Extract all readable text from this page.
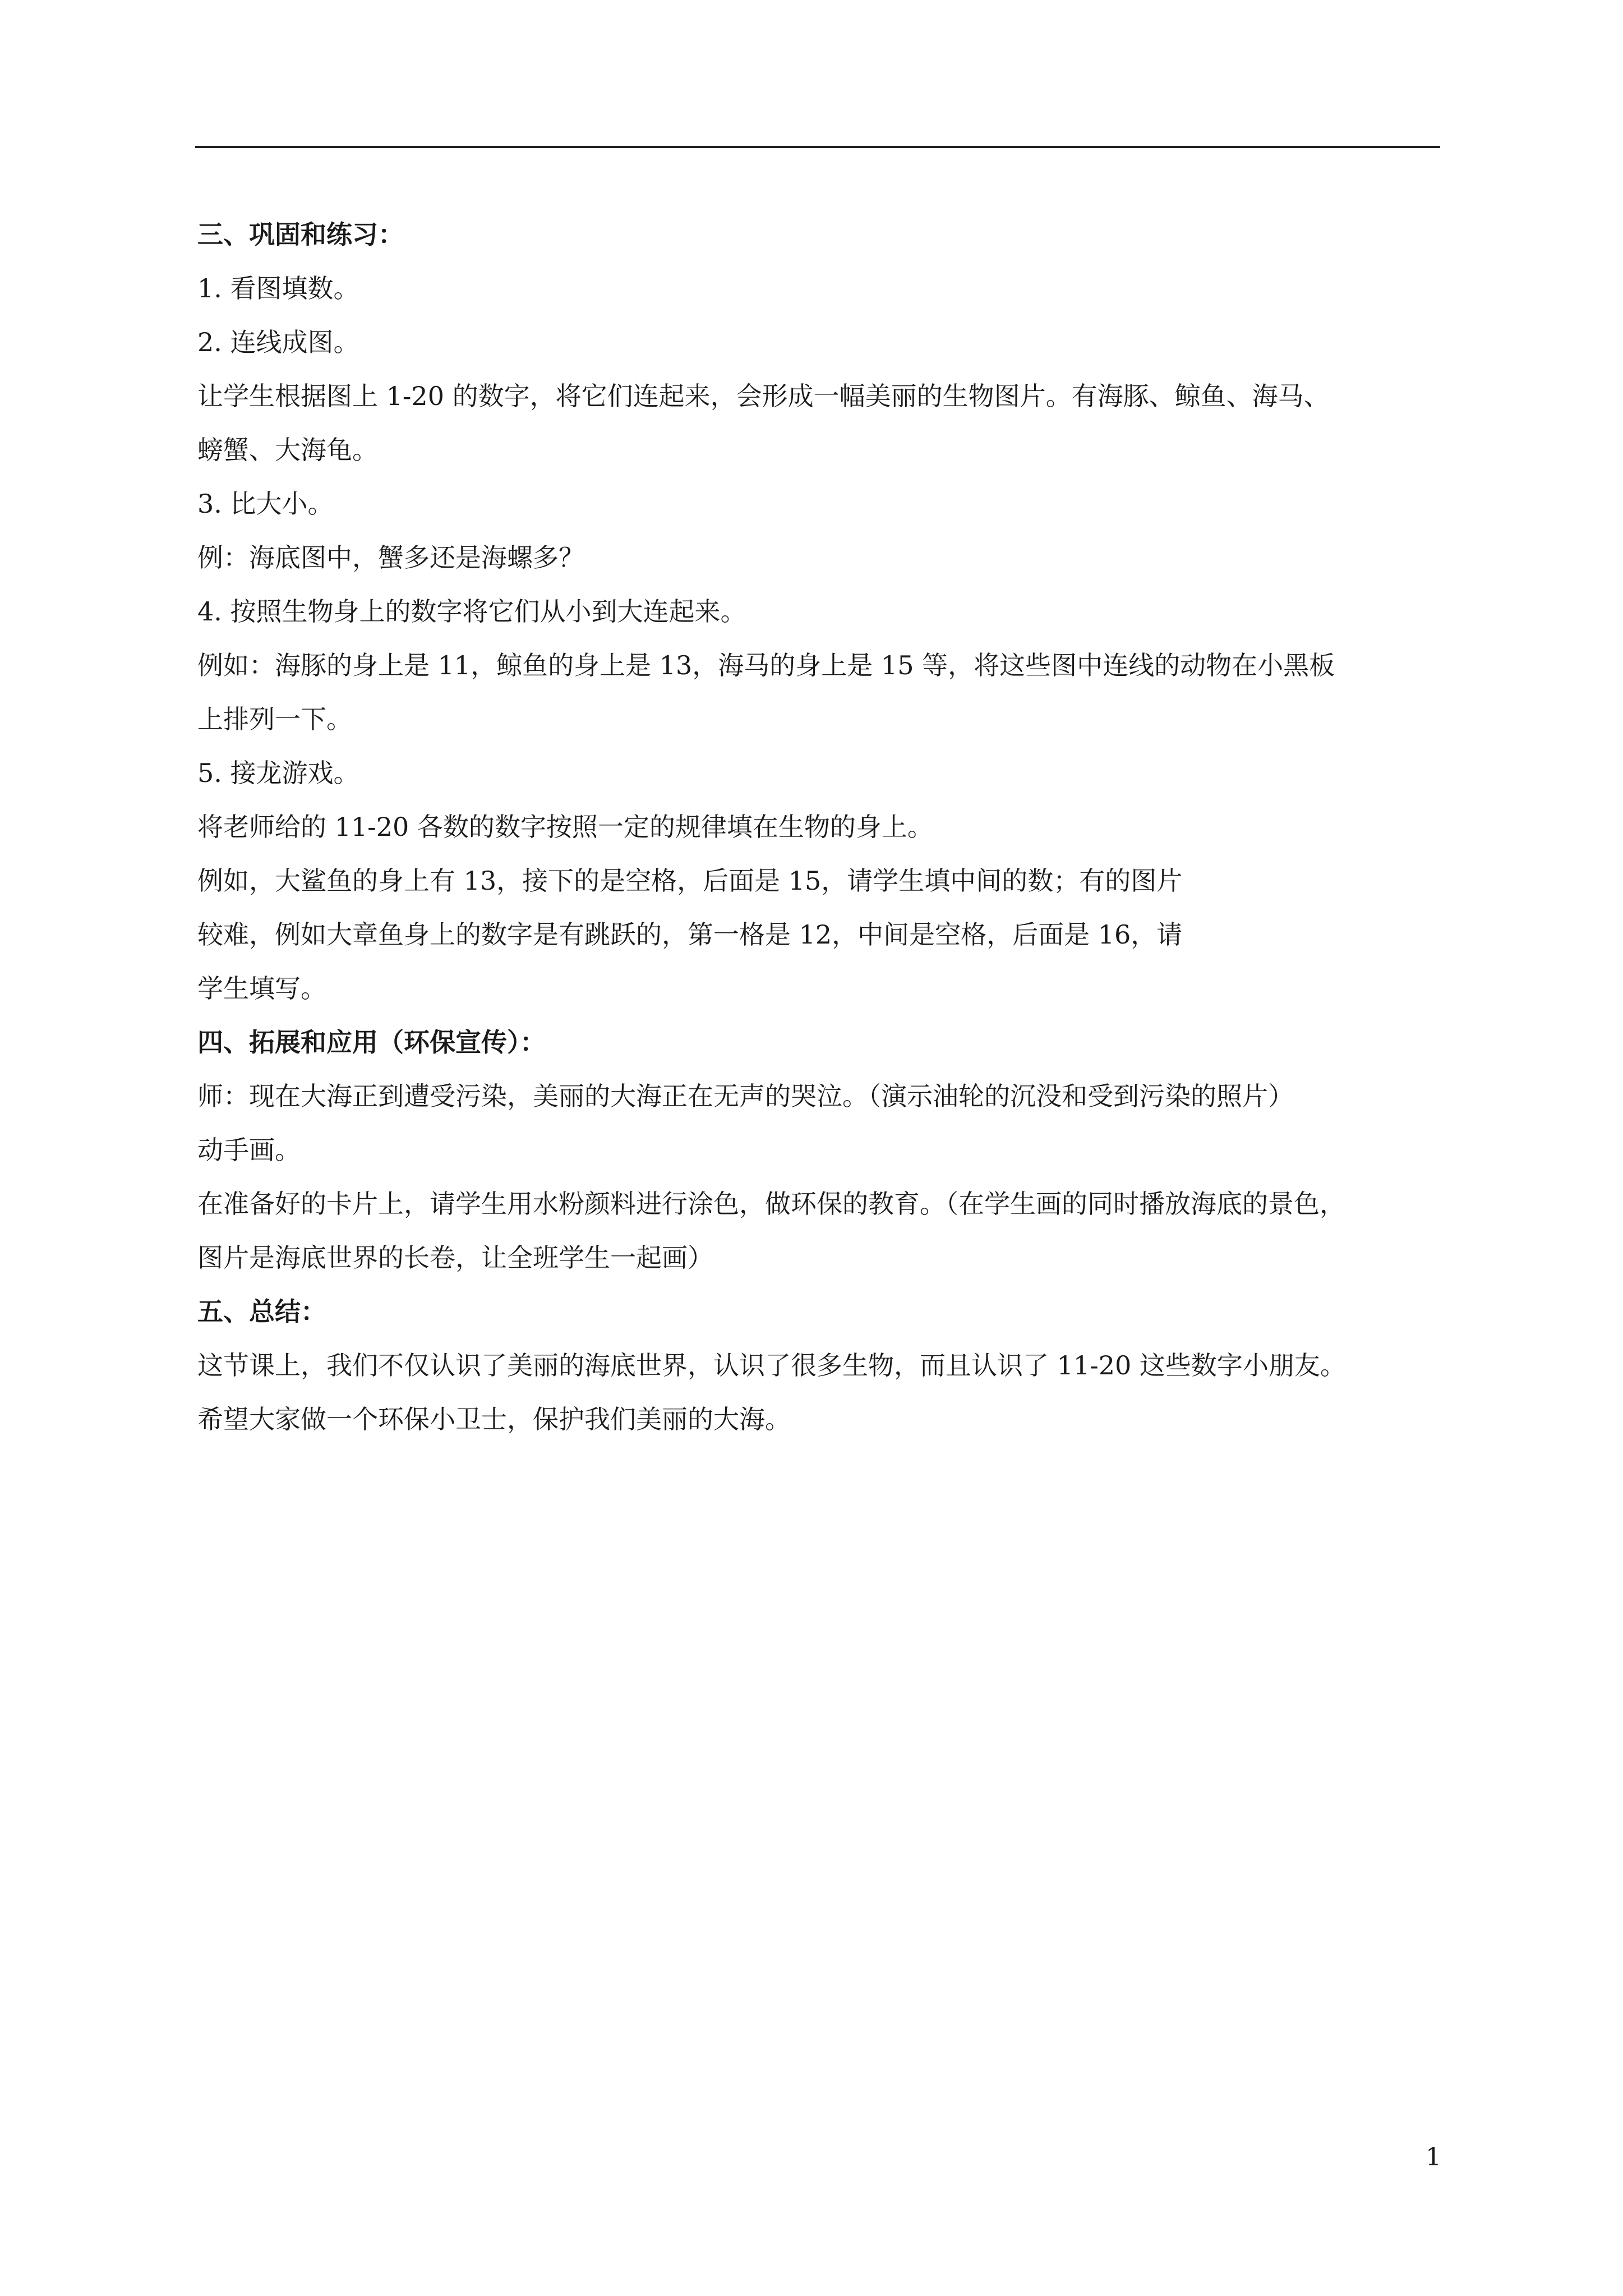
三、巩固和练习：

1. 看图填数。

2. 连线成图。

让学生根据图上 1-20 的数字，将它们连起来，会形成一幅美丽的生物图片。有海豚、鲸鱼、海马、

螃蟹、大海龟。

3. 比大小。

例：海底图中，蟹多还是海螺多？

4. 按照生物身上的数字将它们从小到大连起来。

例如：海豚的身上是 11，鲸鱼的身上是 13，海马的身上是 15 等，将这些图中连线的动物在小黑板

上排列一下。

5. 接龙游戏。

将老师给的 11-20 各数的数字按照一定的规律填在生物的身上。

例如，大鲨鱼的身上有 13，接下的是空格，后面是 15，请学生填中间的数；有的图片

较难，例如大章鱼身上的数字是有跳跃的，第一格是 12，中间是空格，后面是 16，请

学生填写。

四、拓展和应用（环保宣传）：

师：现在大海正到遭受污染，美丽的大海正在无声的哭泣。（演示油轮的沉没和受到污染的照片）

动手画。

在准备好的卡片上，请学生用水粉颜料进行涂色，做环保的教育。（在学生画的同时播放海底的景色，

图片是海底世界的长卷，让全班学生一起画）

五、总结：

这节课上，我们不仅认识了美丽的海底世界，认识了很多生物，而且认识了 11-20 这些数字小朋友。

希望大家做一个环保小卫士，保护我们美丽的大海。

1
